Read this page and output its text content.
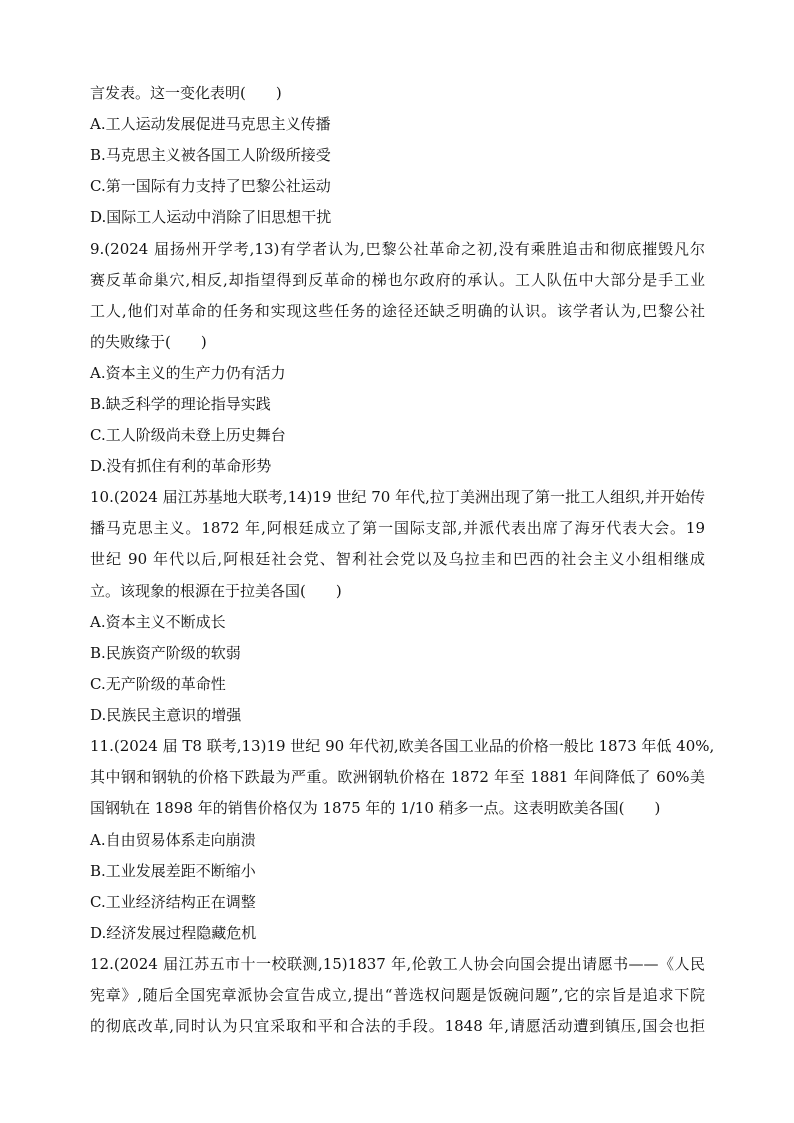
言发表。这一变化表明(　　)
A.工人运动发展促进马克思主义传播
B.马克思主义被各国工人阶级所接受
C.第一国际有力支持了巴黎公社运动
D.国际工人运动中消除了旧思想干扰
9.(2024 届扬州开学考,13)有学者认为,巴黎公社革命之初,没有乘胜追击和彻底摧毁凡尔
赛反革命巢穴,相反,却指望得到反革命的梯也尔政府的承认。工人队伍中大部分是手工业
工人,他们对革命的任务和实现这些任务的途径还缺乏明确的认识。该学者认为,巴黎公社
的失败缘于(　　)
A.资本主义的生产力仍有活力
B.缺乏科学的理论指导实践
C.工人阶级尚未登上历史舞台
D.没有抓住有利的革命形势
10.(2024 届江苏基地大联考,14)19 世纪 70 年代,拉丁美洲出现了第一批工人组织,并开始传
播马克思主义。1872 年,阿根廷成立了第一国际支部,并派代表出席了海牙代表大会。19
世纪 90 年代以后,阿根廷社会党、智利社会党以及乌拉圭和巴西的社会主义小组相继成
立。该现象的根源在于拉美各国(　　)
A.资本主义不断成长
B.民族资产阶级的软弱
C.无产阶级的革命性
D.民族民主意识的增强
11.(2024 届 T8 联考,13)19 世纪 90 年代初,欧美各国工业品的价格一般比 1873 年低 40%,
其中钢和钢轨的价格下跌最为严重。欧洲钢轨价格在 1872 年至 1881 年间降低了 60%美
国钢轨在 1898 年的销售价格仅为 1875 年的 1/10 稍多一点。这表明欧美各国(　　)
A.自由贸易体系走向崩溃
B.工业发展差距不断缩小
C.工业经济结构正在调整
D.经济发展过程隐藏危机
12.(2024 届江苏五市十一校联测,15)1837 年,伦敦工人协会向国会提出请愿书——《人民
宪章》,随后全国宪章派协会宣告成立,提出“普选权问题是饭碗问题”,它的宗旨是追求下院
的彻底改革,同时认为只宜采取和平和合法的手段。1848 年,请愿活动遭到镇压,国会也拒
